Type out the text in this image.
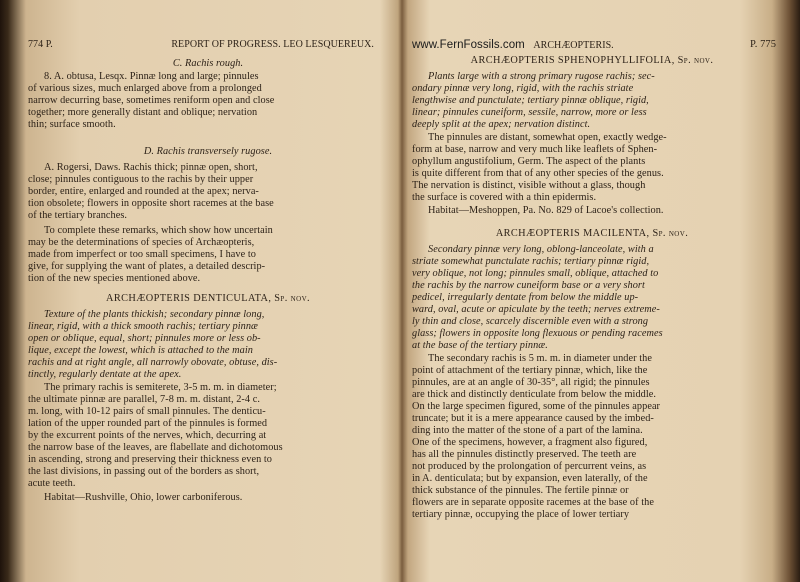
774 P.	REPORT OF PROGRESS. LEO LESQUEREUX.
C. Rachis rough.
8. A. obtusa, Lesqx. Pinnæ long and large; pinnules
of various sizes, much enlarged above from a prolonged
narrow decurring base, sometimes reniform open and close
together; more generally distant and oblique; nervation
thin; surface smooth.
D. Rachis transversely rugose.
A. Rogersi, Daws. Rachis thick; pinnæ open, short,
close; pinnules contiguous to the rachis by their upper
border, entire, enlarged and rounded at the apex; nerva-
tion obsolete; flowers in opposite short racemes at the base
of the tertiary branches.
To complete these remarks, which show how uncertain
may be the determinations of species of Archæopteris,
made from imperfect or too small specimens, I have to
give, for supplying the want of plates, a detailed descrip-
tion of the new species mentioned above.
ARCHÆOPTERIS DENTICULATA, Sp. nov.
Texture of the plants thickish; secondary pinnæ long,
linear, rigid, with a thick smooth rachis; tertiary pinnæ
open or oblique, equal, short; pinnules more or less ob-
lique, except the lowest, which is attached to the main
rachis and at right angle, all narrowly obovate, obtuse, dis-
tinctly, regularly dentate at the apex.
The primary rachis is semiterete, 3-5 m. m. in diameter;
the ultimate pinnæ are parallel, 7-8 m. m. distant, 2-4 c.
m. long, with 10-12 pairs of small pinnules. The denticu-
lation of the upper rounded part of the pinnules is formed
by the excurrent points of the nerves, which, decurring at
the narrow base of the leaves, are flabellate and dichotomous
in ascending, strong and preserving their thickness even to
the last divisions, in passing out of the borders as short,
acute teeth.
Habitat—Rushville, Ohio, lower carboniferous.
www.FernFossils.com ARCHÆOPTERIS.	P. 775
ARCHÆOPTERIS SPHENOPHYLLIFOLIA, Sp. nov.
Plants large with a strong primary rugose rachis; sec-
ondary pinnæ very long, rigid, with the rachis striate
lengthwise and punctulate; tertiary pinnæ oblique, rigid,
linear; pinnules cuneiform, sessile, narrow, more or less
deeply split at the apex; nervation distinct.
The pinnules are distant, somewhat open, exactly wedge-
form at base, narrow and very much like leaflets of Sphen-
ophyllum angustifolium, Germ. The aspect of the plants
is quite different from that of any other species of the genus.
The nervation is distinct, visible without a glass, though
the surface is covered with a thin epidermis.
Habitat—Meshoppen, Pa. No. 829 of Lacoe's collection.
ARCHÆOPTERIS MACILENTA, Sp. nov.
Secondary pinnæ very long, oblong-lanceolate, with a
striate somewhat punctulate rachis; tertiary pinnæ rigid,
very oblique, not long; pinnules small, oblique, attached to
the rachis by the narrow cuneiform base or a very short
pedicel, irregularly dentate from below the middle up-
ward, oval, acute or apiculate by the teeth; nerves extreme-
ly thin and close, scarcely discernible even with a strong
glass; flowers in opposite long flexuous or pending racemes
at the base of the tertiary pinnæ.
The secondary rachis is 5 m. m. in diameter under the
point of attachment of the tertiary pinnæ, which, like the
pinnules, are at an angle of 30-35°, all rigid; the pinnules
are thick and distinctly denticulate from below the middle.
On the large specimen figured, some of the pinnules appear
truncate; but it is a mere appearance caused by the imbed-
ding into the matter of the stone of a part of the lamina.
One of the specimens, however, a fragment also figured,
has all the pinnules distinctly preserved. The teeth are
not produced by the prolongation of percurrent veins, as
in A. denticulata; but by expansion, even laterally, of the
thick substance of the pinnules. The fertile pinnæ or
flowers are in separate opposite racemes at the base of the
tertiary pinnæ, occupying the place of lower tertiary
